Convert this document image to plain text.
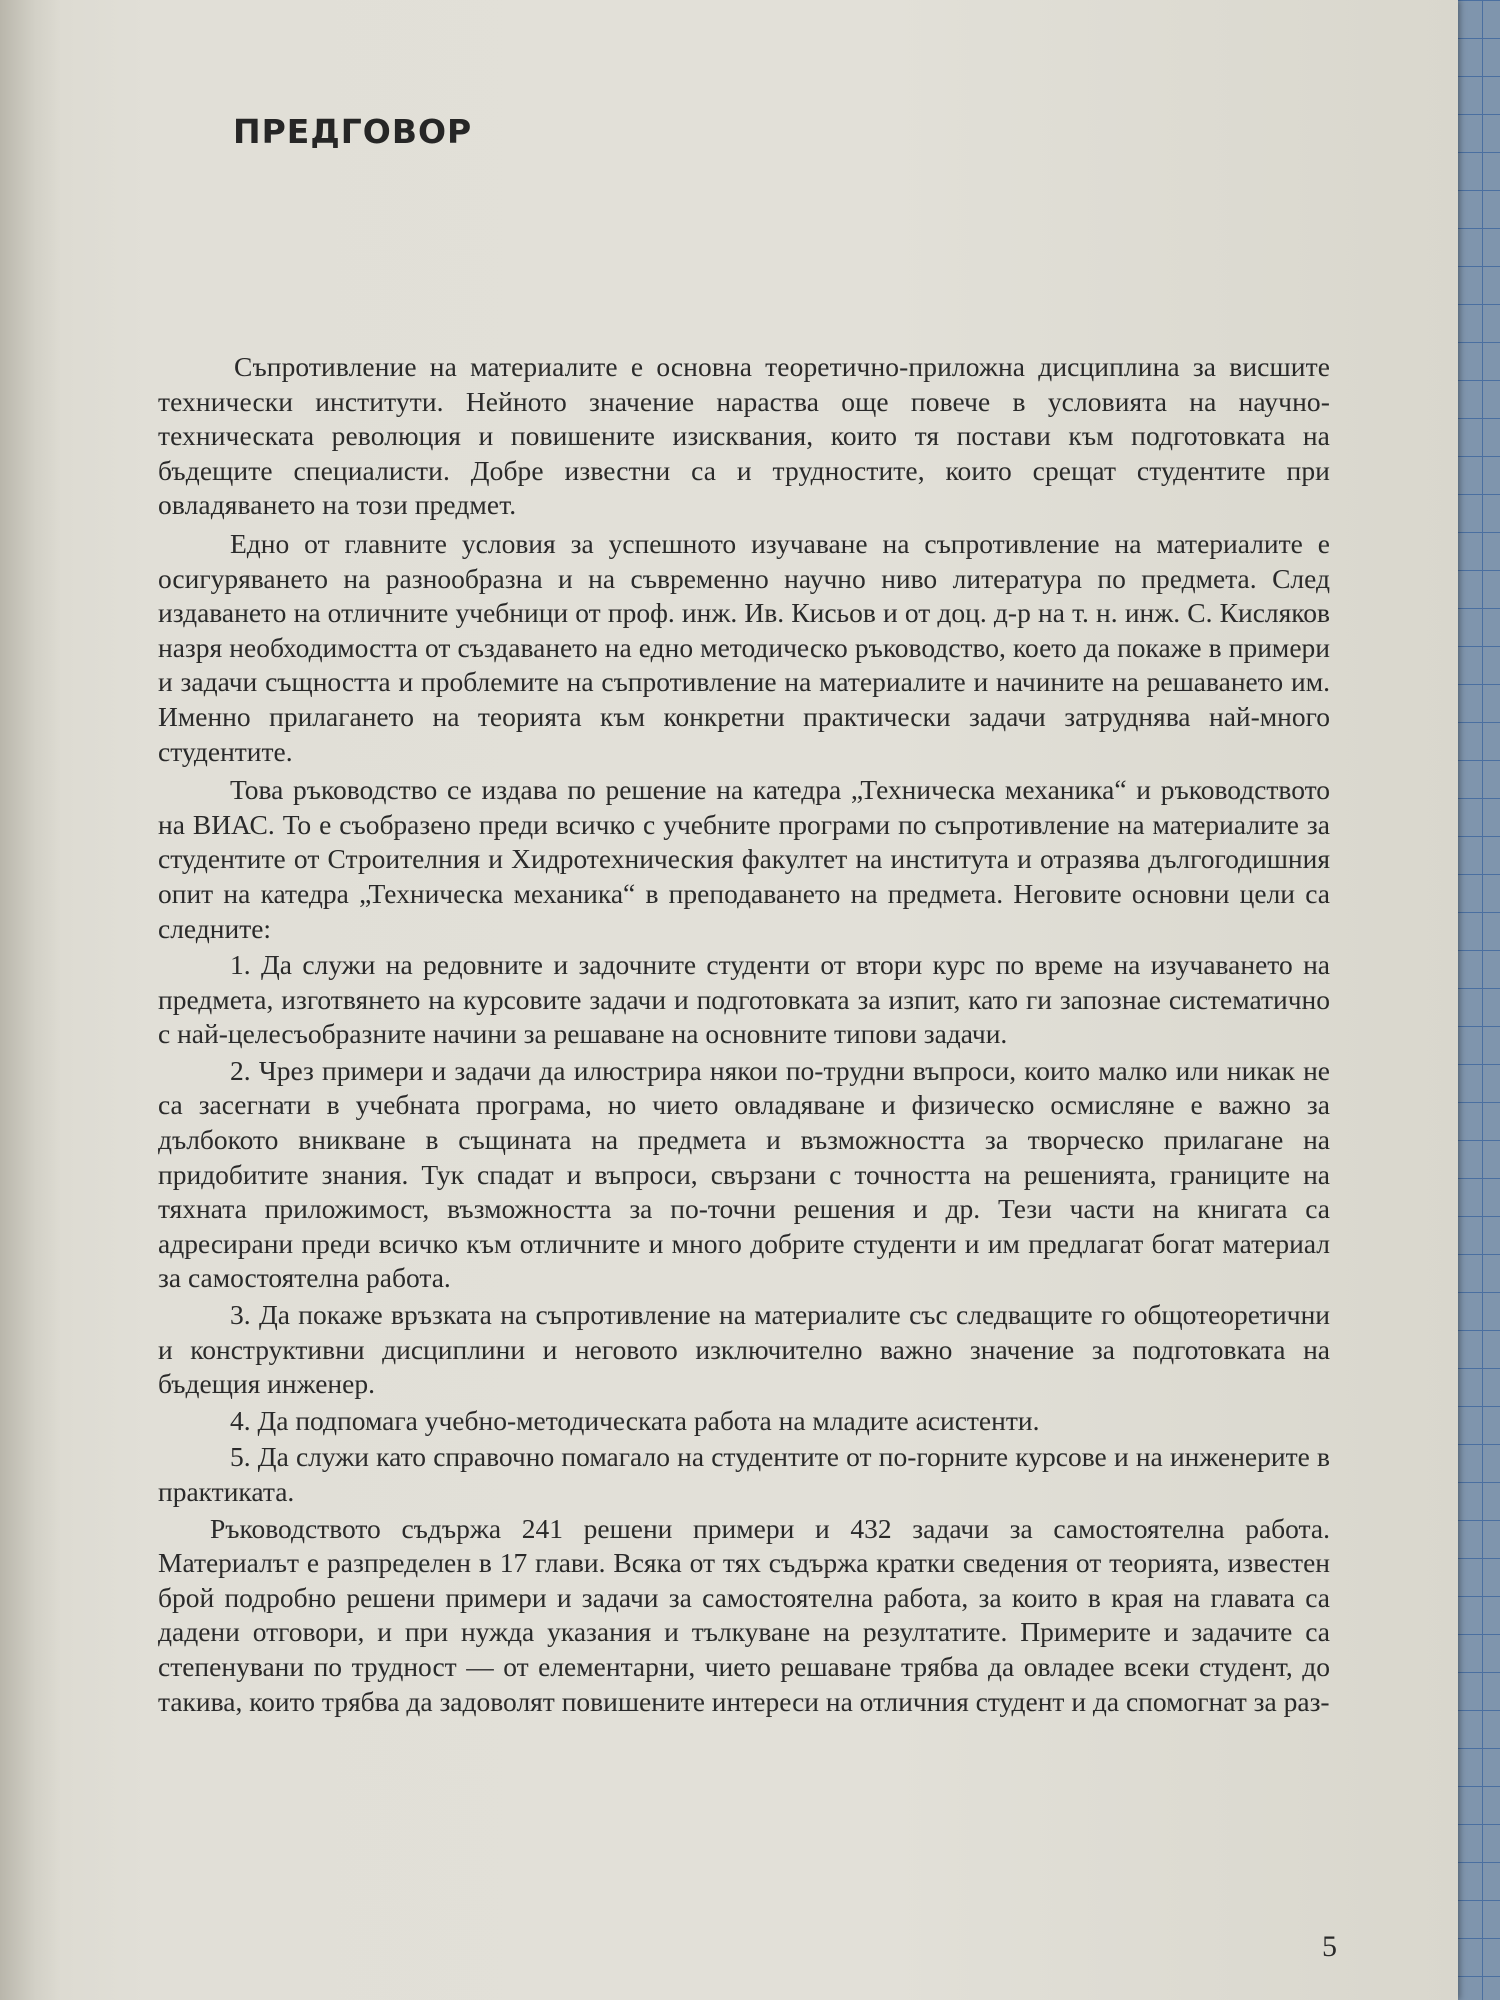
ПРЕДГОВОР

Съпротивление на материалите е основна теоретично-приложна дисциплина за висшите технически институти. Нейното значение нараства още повече в условията на научно-техническата революция и повишените изисквания, които тя постави към подготовката на бъдещите специалисти. Добре известни са и трудностите, които срещат студентите при овладяването на този предмет.

Едно от главните условия за успешното изучаване на съпротивление на материалите е осигуряването на разнообразна и на съвременно научно ниво литература по предмета. След издаването на отличните учебници от проф. инж. Ив. Кисьов и от доц. д-р на т. н. инж. С. Кисляков назря необходимостта от създаването на едно методическо ръководство, което да покаже в примери и задачи същността и проблемите на съпротивление на материалите и начините на решаването им. Именно прилагането на теорията към конкретни практически задачи затруднява най-много студентите.

Това ръководство се издава по решение на катедра „Техническа механика“ и ръководството на ВИАС. То е съобразено преди всичко с учебните програми по съпротивление на материалите за студентите от Строителния и Хидротехническия факултет на института и отразява дългогодишния опит на катедра „Техническа механика“ в преподаването на предмета. Неговите основни цели са следните:

1. Да служи на редовните и задочните студенти от втори курс по време на изучаването на предмета, изготвянето на курсовите задачи и подготовката за изпит, като ги запознае систематично с най-целесъобразните начини за решаване на основните типови задачи.

2. Чрез примери и задачи да илюстрира някои по-трудни въпроси, които малко или никак не са засегнати в учебната програма, но чието овладяване и физическо осмисляне е важно за дълбокото вникване в същината на предмета и възможността за творческо прилагане на придобитите знания. Тук спадат и въпроси, свързани с точността на решенията, границите на тяхната приложимост, възможността за по-точни решения и др. Тези части на книгата са адресирани преди всичко към отличните и много добрите студенти и им предлагат богат материал за самостоятелна работа.

3. Да покаже връзката на съпротивление на материалите със следващите го общотеоретични и конструктивни дисциплини и неговото изключително важно значение за подготовката на бъдещия инженер.

4. Да подпомага учебно-методическата работа на младите асистенти.

5. Да служи като справочно помагало на студентите от по-горните курсове и на инженерите в практиката.

Ръководството съдържа 241 решени примери и 432 задачи за самостоятелна работа. Материалът е разпределен в 17 глави. Всяка от тях съдържа кратки сведения от теорията, известен брой подробно решени примери и задачи за самостоятелна работа, за които в края на главата са дадени отговори, и при нужда указания и тълкуване на резултатите. Примерите и задачите са степенувани по трудност — от елементарни, чието решаване трябва да овладее всеки студент, до такива, които трябва да задоволят повишените интереси на отличния студент и да спомогнат за раз-

5
